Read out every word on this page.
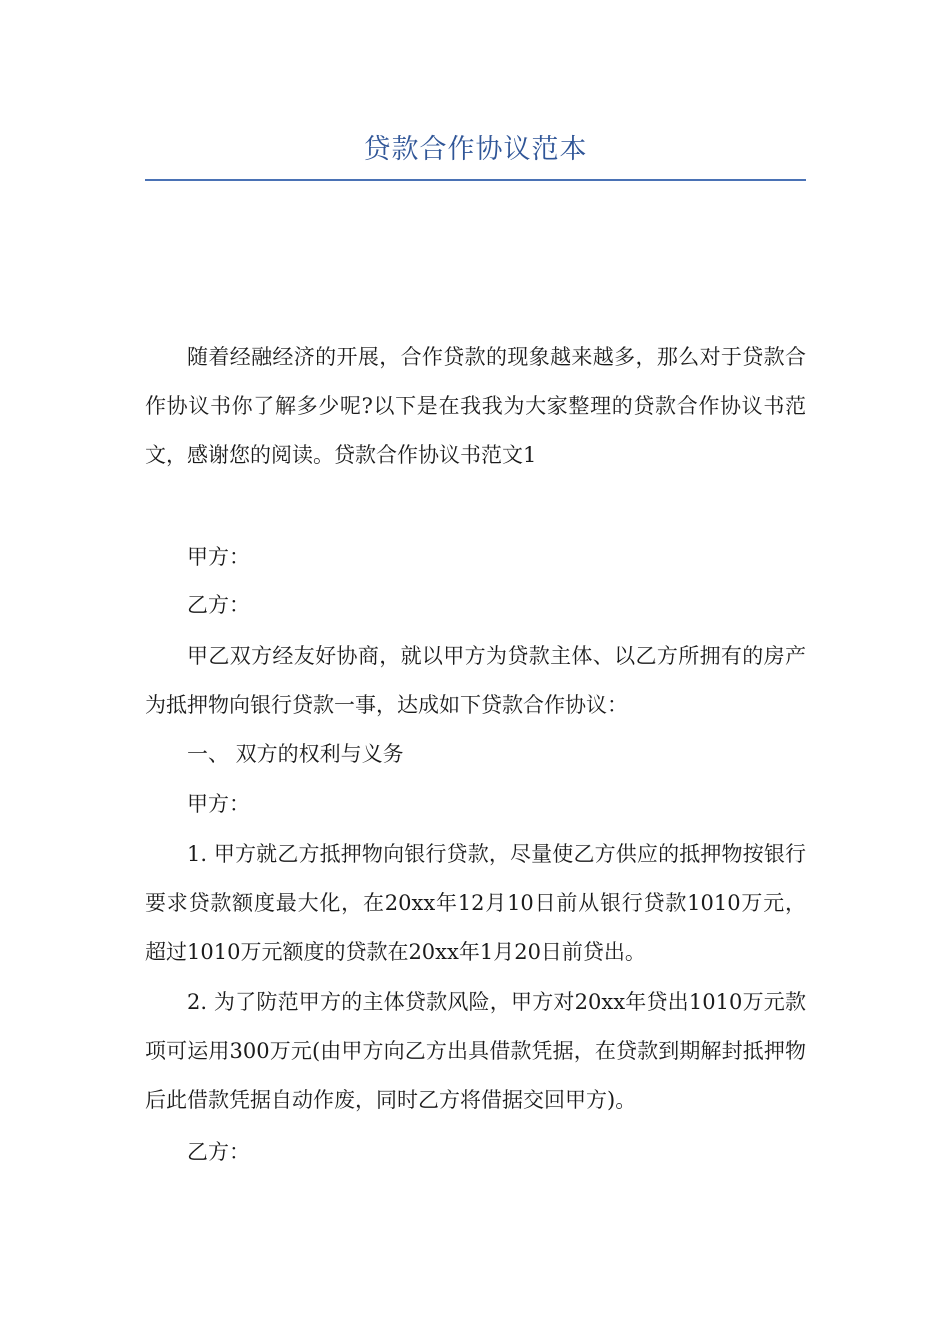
贷款合作协议范本

随着经融经济的开展，合作贷款的现象越来越多，那么对于贷款合作协议书你了解多少呢?以下是在我我为大家整理的贷款合作协议书范文，感谢您的阅读。贷款合作协议书范文1

甲方：

乙方：

甲乙双方经友好协商，就以甲方为贷款主体、以乙方所拥有的房产为抵押物向银行贷款一事，达成如下贷款合作协议：

一、 双方的权利与义务

甲方：

1. 甲方就乙方抵押物向银行贷款，尽量使乙方供应的抵押物按银行要求贷款额度最大化，在20xx年12月10日前从银行贷款1010万元，超过1010万元额度的贷款在20xx年1月20日前贷出。

2. 为了防范甲方的主体贷款风险，甲方对20xx年贷出1010万元款项可运用300万元(由甲方向乙方出具借款凭据，在贷款到期解封抵押物后此借款凭据自动作废，同时乙方将借据交回甲方)。

乙方：
